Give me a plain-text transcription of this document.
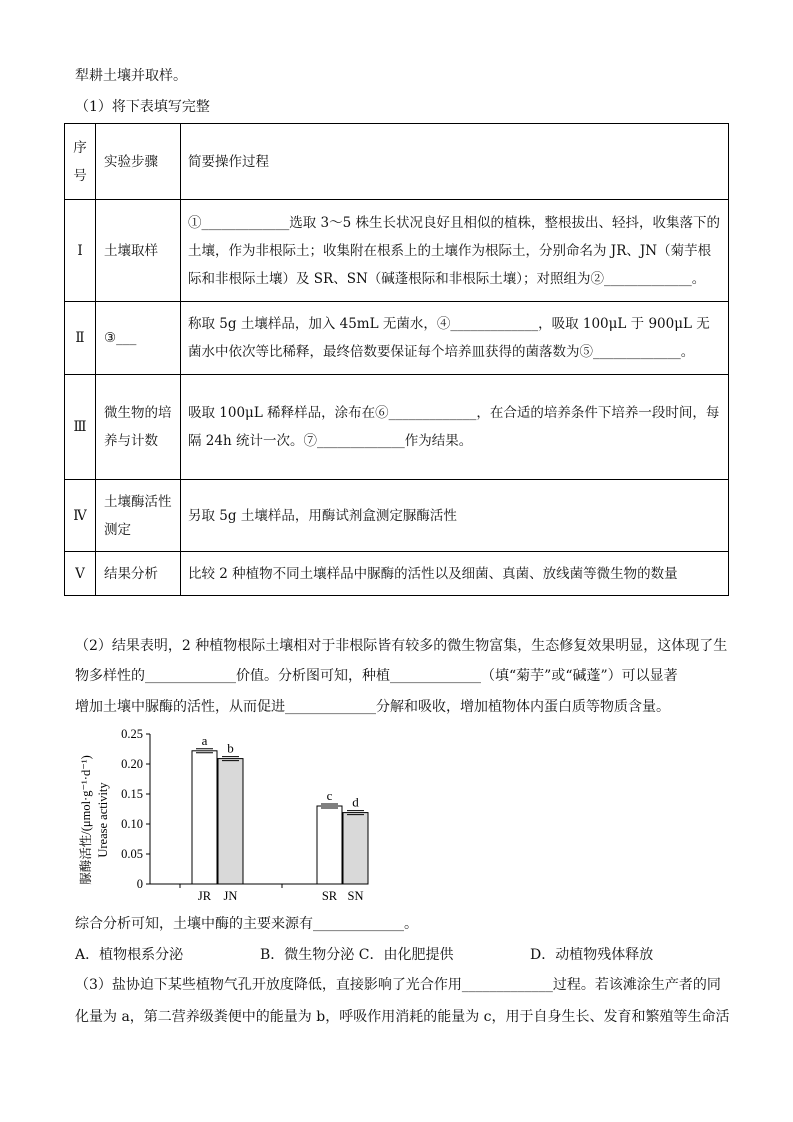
犁耕土壤并取样。
（1）将下表填写完整
序号	实验步骤	简要操作过程
Ⅰ	土壤取样	①_____________选取 3～5 株生长状况良好且相似的植株，整根拔出、轻抖，收集落下的土壤，作为非根际土；收集附在根系上的土壤作为根际土，分别命名为 JR、JN（菊芋根际和非根际土壤）及 SR、SN（碱蓬根际和非根际土壤）；对照组为②_____________。
Ⅱ	③___	称取 5g 土壤样品，加入 45mL 无菌水，④_____________，吸取 100μL 于 900μL 无菌水中依次等比稀释，最终倍数要保证每个培养皿获得的菌落数为⑤_____________。
Ⅲ	微生物的培养与计数	吸取 100μL 稀释样品，涂布在⑥_____________，在合适的培养条件下培养一段时间，每隔 24h 统计一次。⑦_____________作为结果。
Ⅳ	土壤酶活性测定	另取 5g 土壤样品，用酶试剂盒测定脲酶活性
Ⅴ	结果分析	比较 2 种植物不同土壤样品中脲酶的活性以及细菌、真菌、放线菌等微生物的数量
（2）结果表明，2 种植物根际土壤相对于非根际皆有较多的微生物富集，生态修复效果明显，这体现了生
物多样性的_____________价值。分析图可知，种植_____________（填“菊芋”或“碱蓬”）可以显著
增加土壤中脲酶的活性，从而促进_____________分解和吸收，增加植物体内蛋白质等物质含量。
脲酶活性/(μmol·g⁻¹·d⁻¹) Urease activity
0
0.05
0.10
0.15
0.20
0.25	a
JR
b
JN
c
SR
d
SN
综合分析可知，土壤中酶的主要来源有_____________。
A．植物根系分泌	B．微生物分泌 C．由化肥提供	D．动植物残体释放
（3）盐协迫下某些植物气孔开放度降低，直接影响了光合作用_____________过程。若该滩涂生产者的同
化量为 a，第二营养级粪便中的能量为 b，呼吸作用消耗的能量为 c，用于自身生长、发育和繁殖等生命活
